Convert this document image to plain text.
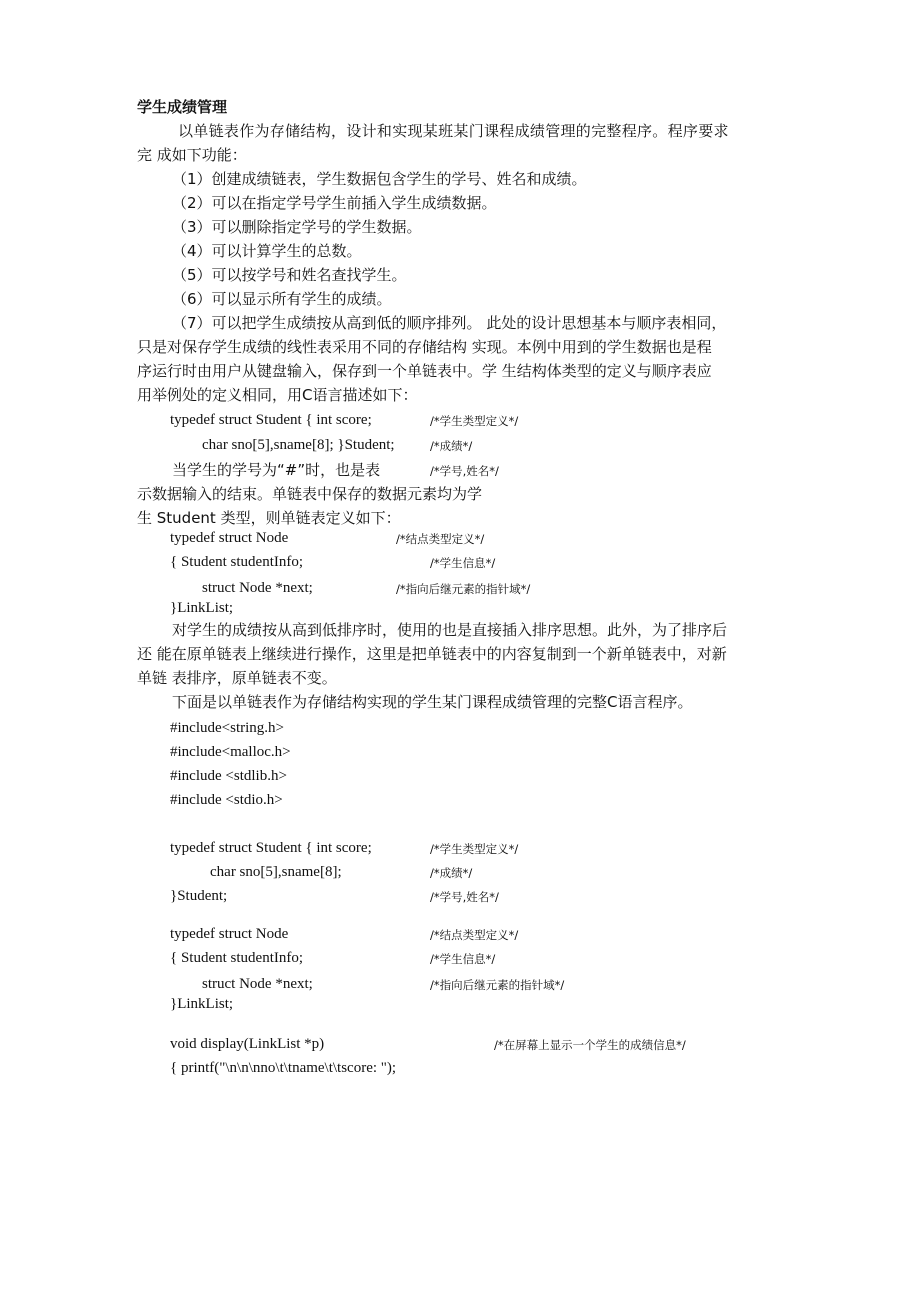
学生成绩管理
以单链表作为存储结构，设计和实现某班某门课程成绩管理的完整程序。程序要求
完 成如下功能：
（1）创建成绩链表，学生数据包含学生的学号、姓名和成绩。
（2）可以在指定学号学生前插入学生成绩数据。
（3）可以删除指定学号的学生数据。
（4）可以计算学生的总数。
（5）可以按学号和姓名查找学生。
（6）可以显示所有学生的成绩。
（7）可以把学生成绩按从高到低的顺序排列。 此处的设计思想基本与顺序表相同，
只是对保存学生成绩的线性表采用不同的存储结构 实现。本例中用到的学生数据也是程
序运行时由用户从键盘输入，保存到一个单链表中。学 生结构体类型的定义与顺序表应
用举例处的定义相同，用C语言描述如下：
typedef struct Student { int score;	/*学生类型定义*/
char sno[5],sname[8]; }Student;	/*成绩*/
当学生的学号为“#”时，也是表	/*学号,姓名*/
示数据输入的结束。单链表中保存的数据元素均为学
生 Student 类型，则单链表定义如下：
typedef struct Node	/*结点类型定义*/
{ Student studentInfo;	/*学生信息*/
struct Node *next;	/*指向后继元素的指针域*/
}LinkList;
对学生的成绩按从高到低排序时，使用的也是直接插入排序思想。此外，为了排序后
还 能在原单链表上继续进行操作，这里是把单链表中的内容复制到一个新单链表中，对新
单链 表排序，原单链表不变。
下面是以单链表作为存储结构实现的学生某门课程成绩管理的完整C语言程序。
#include<string.h>
#include<malloc.h>
#include <stdlib.h>
#include <stdio.h>
typedef struct Student { int score;	/*学生类型定义*/
char sno[5],sname[8];	/*成绩*/
}Student;	/*学号,姓名*/
typedef struct Node	/*结点类型定义*/
{ Student studentInfo;	/*学生信息*/
struct Node *next;	/*指向后继元素的指针域*/
}LinkList;
void display(LinkList *p)	/*在屏幕上显示一个学生的成绩信息*/
{ printf("\n\n\nno\t\tname\t\tscore: ");
